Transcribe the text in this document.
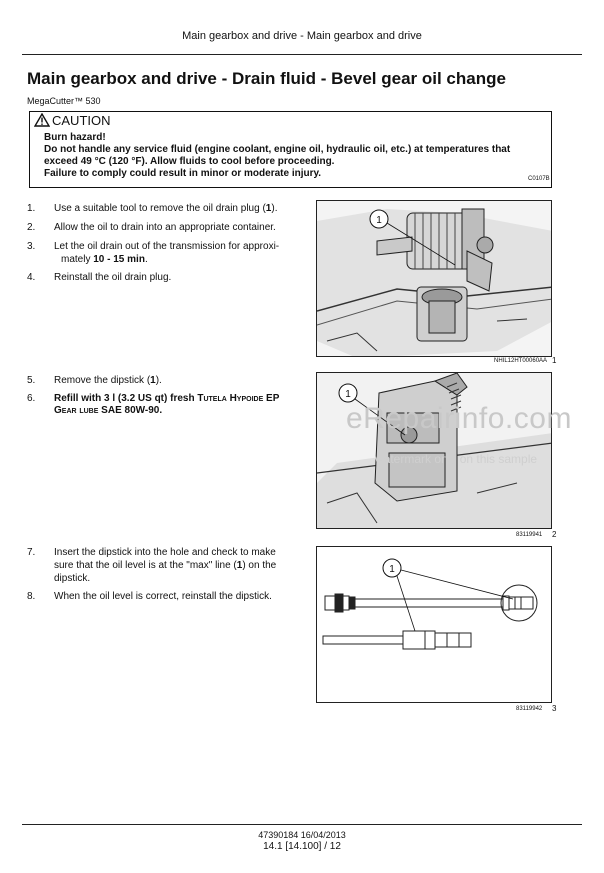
Main gearbox and drive - Main gearbox and drive
Main gearbox and drive - Drain fluid - Bevel gear oil change
MegaCutter™ 530
CAUTION
Burn hazard!
Do not handle any service fluid (engine coolant, engine oil, hydraulic oil, etc.) at temperatures that
exceed 49 °C (120 °F). Allow fluids to cool before proceeding.
Failure to comply could result in minor or moderate injury.	C0107B
1. Use a suitable tool to remove the oil drain plug (1).
2. Allow the oil to drain into an appropriate container.
3. Let the oil drain out of the transmission for approxi-
mately 10 - 15 min.
4. Reinstall the oil drain plug.
1
NHIL12HT00060AA 1
5. Remove the dipstick (1).
6. Refill with 3 l (3.2 US qt) fresh Tutela Hypoide EP
Gear lube SAE 80W-90.
1
eRepairinfo.com
watermark only on this sample
83119941 2
7. Insert the dipstick into the hole and check to make
sure that the oil level is at the "max" line (1) on the
dipstick.
8. When the oil level is correct, reinstall the dipstick.
1
83119942 3
47390184 16/04/2013
14.1 [14.100] / 12
